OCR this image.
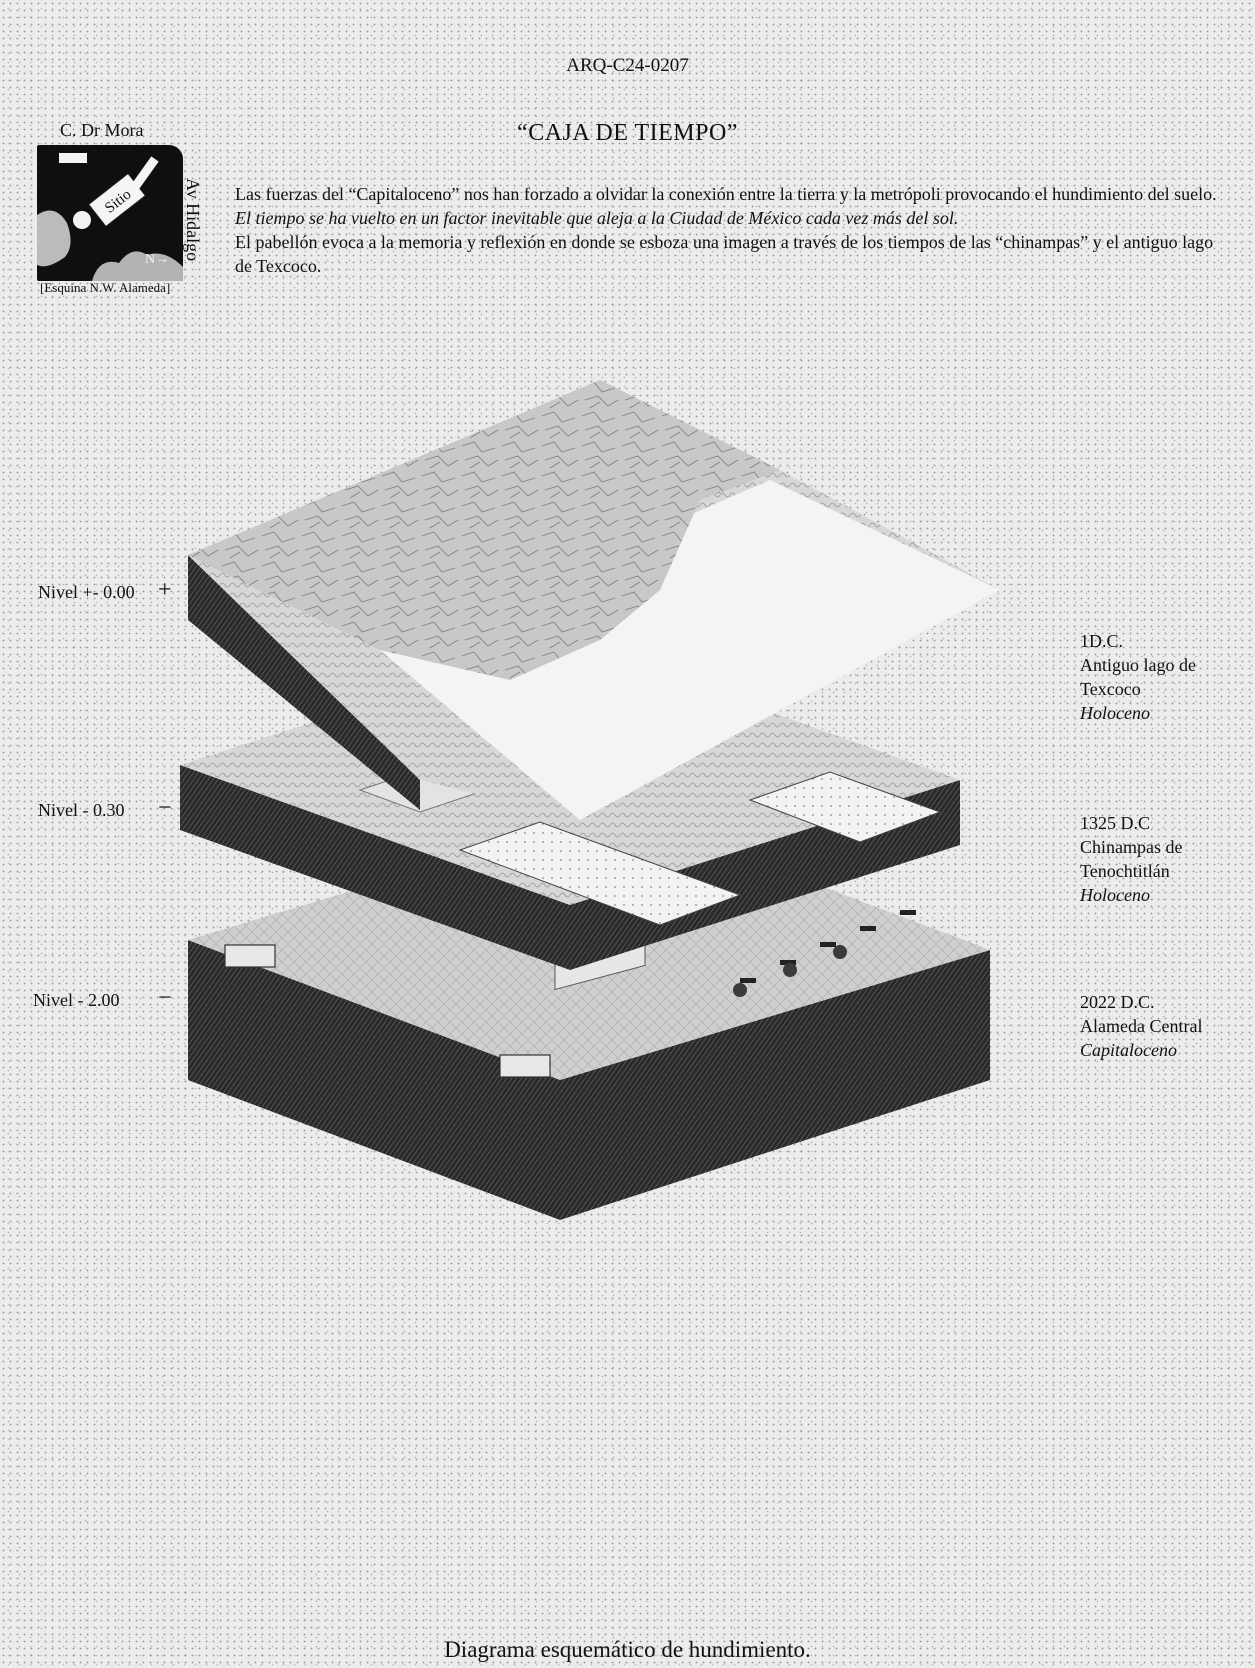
ARQ-C24-0207
“CAJA DE TIEMPO”
C. Dr Mora
Sitio
N→ Av Hidalgo
[Esquina N.W. Alameda]

Las fuerzas del “Capitaloceno” nos han forzado a olvidar la conexión entre la tierra y la metrópoli provocando el hundimiento del suelo. El tiempo se ha vuelto en un factor inevitable que aleja a la Ciudad de México cada vez más del sol.

El pabellón evoca a la memoria y reflexión en donde se esboza una imagen a través de los tiempos de las “chinampas” y el antiguo lago de Texcoco.

Nivel +- 0.00 +
Nivel - 0.30 −
Nivel - 2.00 −
1D.C.
Antiguo lago de
Texcoco
Holoceno
1325 D.C
Chinampas de
Tenochtitlán
Holoceno
2022 D.C.
Alameda Central
Capitaloceno
Diagrama esquemático de hundimiento.
